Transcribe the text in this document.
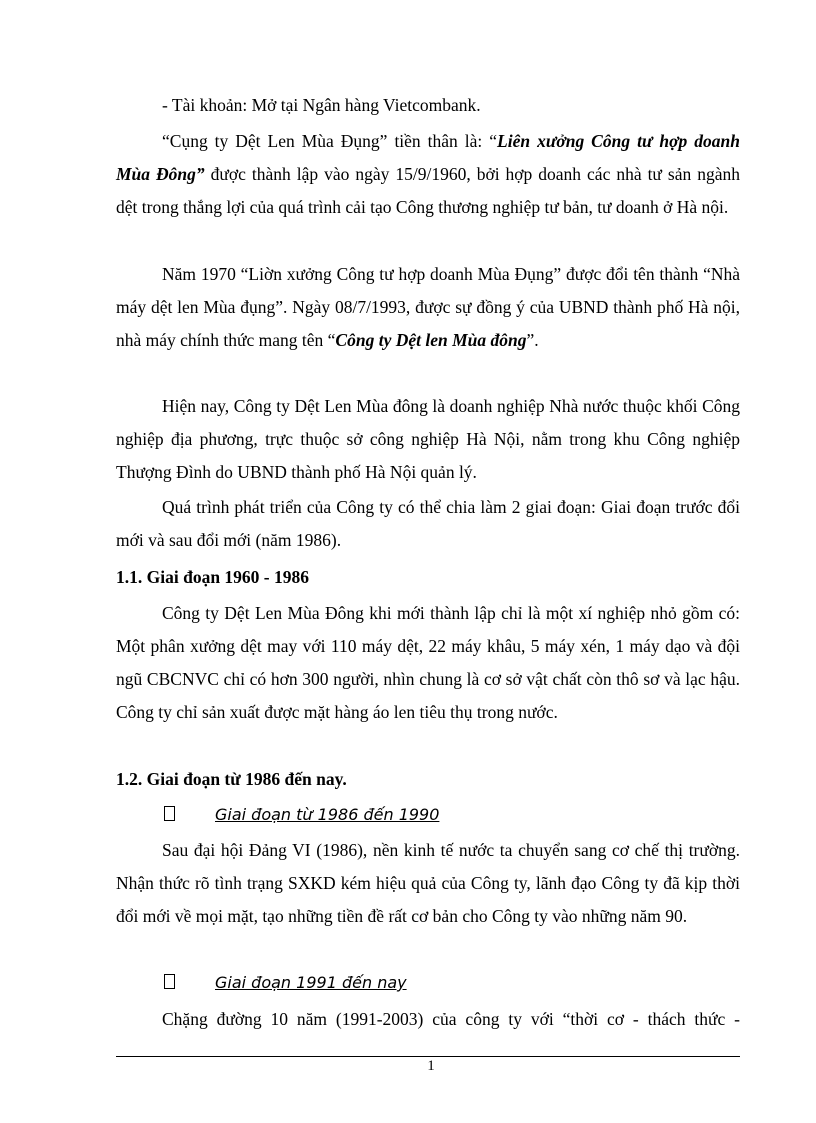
- Tài khoản: Mở tại Ngân hàng Vietcombank.

“Cụng ty Dệt Len Mùa Đụng” tiền thân là: “Liên xưởng Công tư hợp doanh Mùa Đông” được thành lập vào ngày 15/9/1960, bởi hợp doanh các nhà tư sản ngành dệt trong thắng lợi của quá trình cải tạo Công thương nghiệp tư bản, tư doanh ở Hà nội.

Năm 1970 “Liờn xưởng Công tư hợp doanh Mùa Đụng” được đổi tên thành “Nhà máy dệt len Mùa đụng”. Ngày 08/7/1993, được sự đồng ý của UBND thành phố Hà nội, nhà máy chính thức mang tên “Công ty Dệt len Mùa đông”.

Hiện nay, Công ty Dệt Len Mùa đông là doanh nghiệp Nhà nước thuộc khối Công nghiệp địa phương, trực thuộc sở công nghiệp Hà Nội, nằm trong khu Công nghiệp Thượng Đình do UBND thành phố Hà Nội quản lý.

Quá trình phát triển của Công ty có thể chia làm 2 giai đoạn: Giai đoạn trước đổi mới và sau đổi mới (năm 1986).

1.1. Giai đoạn 1960 - 1986

Công ty Dệt Len Mùa Đông khi mới thành lập chỉ là một xí nghiệp nhỏ gồm có: Một phân xưởng dệt may với 110 máy dệt, 22 máy khâu, 5 máy xén, 1 máy dạo và đội ngũ CBCNVC chỉ có hơn 300 người, nhìn chung là cơ sở vật chất còn thô sơ và lạc hậu. Công ty chỉ sản xuất được mặt hàng áo len tiêu thụ trong nước.

1.2. Giai đoạn từ 1986 đến nay.
Giai đoạn từ 1986 đến 1990

Sau đại hội Đảng VI (1986), nền kinh tế nước ta chuyển sang cơ chế thị trường. Nhận thức rõ tình trạng SXKD kém hiệu quả của Công ty, lãnh đạo Công ty đã kịp thời đổi mới về mọi mặt, tạo những tiền đề rất cơ bản cho Công ty vào những năm 90.

Giai đoạn 1991 đến nay

Chặng đường 10 năm (1991-2003) của công ty với “thời cơ - thách thức -

1
